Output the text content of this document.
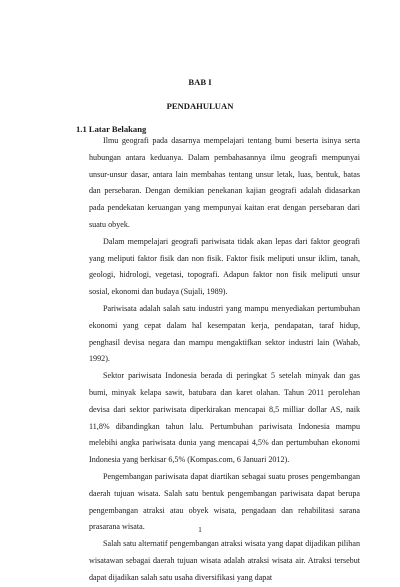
BAB I
PENDAHULUAN
1.1 Latar Belakang

Ilmu geografi pada dasarnya mempelajari tentang bumi beserta isinya serta hubungan antara keduanya. Dalam pembahasannya ilmu geografi mempunyai unsur-unsur dasar, antara lain membahas tentang unsur letak, luas, bentuk, batas dan persebaran. Dengan demikian penekanan kajian geografi adalah didasarkan pada pendekatan keruangan yang mempunyai kaitan erat dengan persebaran dari suatu obyek.

Dalam mempelajari geografi pariwisata tidak akan lepas dari faktor geografi yang meliputi faktor fisik dan non fisik. Faktor fisik meliputi unsur iklim, tanah, geologi, hidrologi, vegetasi, topografi. Adapun faktor non fisik meliputi unsur sosial, ekonomi dan budaya (Sujali, 1989).

Pariwisata adalah salah satu industri yang mampu menyediakan pertumbuhan ekonomi yang cepat dalam hal kesempatan kerja, pendapatan, taraf hidup, penghasil devisa negara dan mampu mengaktifkan sektor industri lain (Wahab, 1992).

Sektor pariwisata Indonesia berada di peringkat 5 setelah minyak dan gas bumi, minyak kelapa sawit, batubara dan karet olahan. Tahun 2011 perolehan devisa dari sektor pariwisata diperkirakan mencapai 8,5 milliar dollar AS, naik 11,8% dibandingkan tahun lalu. Pertumbuhan pariwisata Indonesia mampu melebihi angka pariwisata dunia yang mencapai 4,5% dan pertumbuhan ekonomi Indonesia yang berkisar 6,5% (Kompas.com, 6 Januari 2012).

Pengembangan pariwisata dapat diartikan sebagai suatu proses pengembangan daerah tujuan wisata. Salah satu bentuk pengembangan pariwisata dapat berupa pengembangan atraksi atau obyek wisata, pengadaan dan rehabilitasi sarana prasarana wisata.

Salah satu alternatif pengembangan atraksi wisata yang dapat dijadikan pilihan wisatawan sebagai daerah tujuan wisata adalah atraksi wisata air. Atraksi tersebut dapat dijadikan salah satu usaha diversifikasi yang dapat

1
